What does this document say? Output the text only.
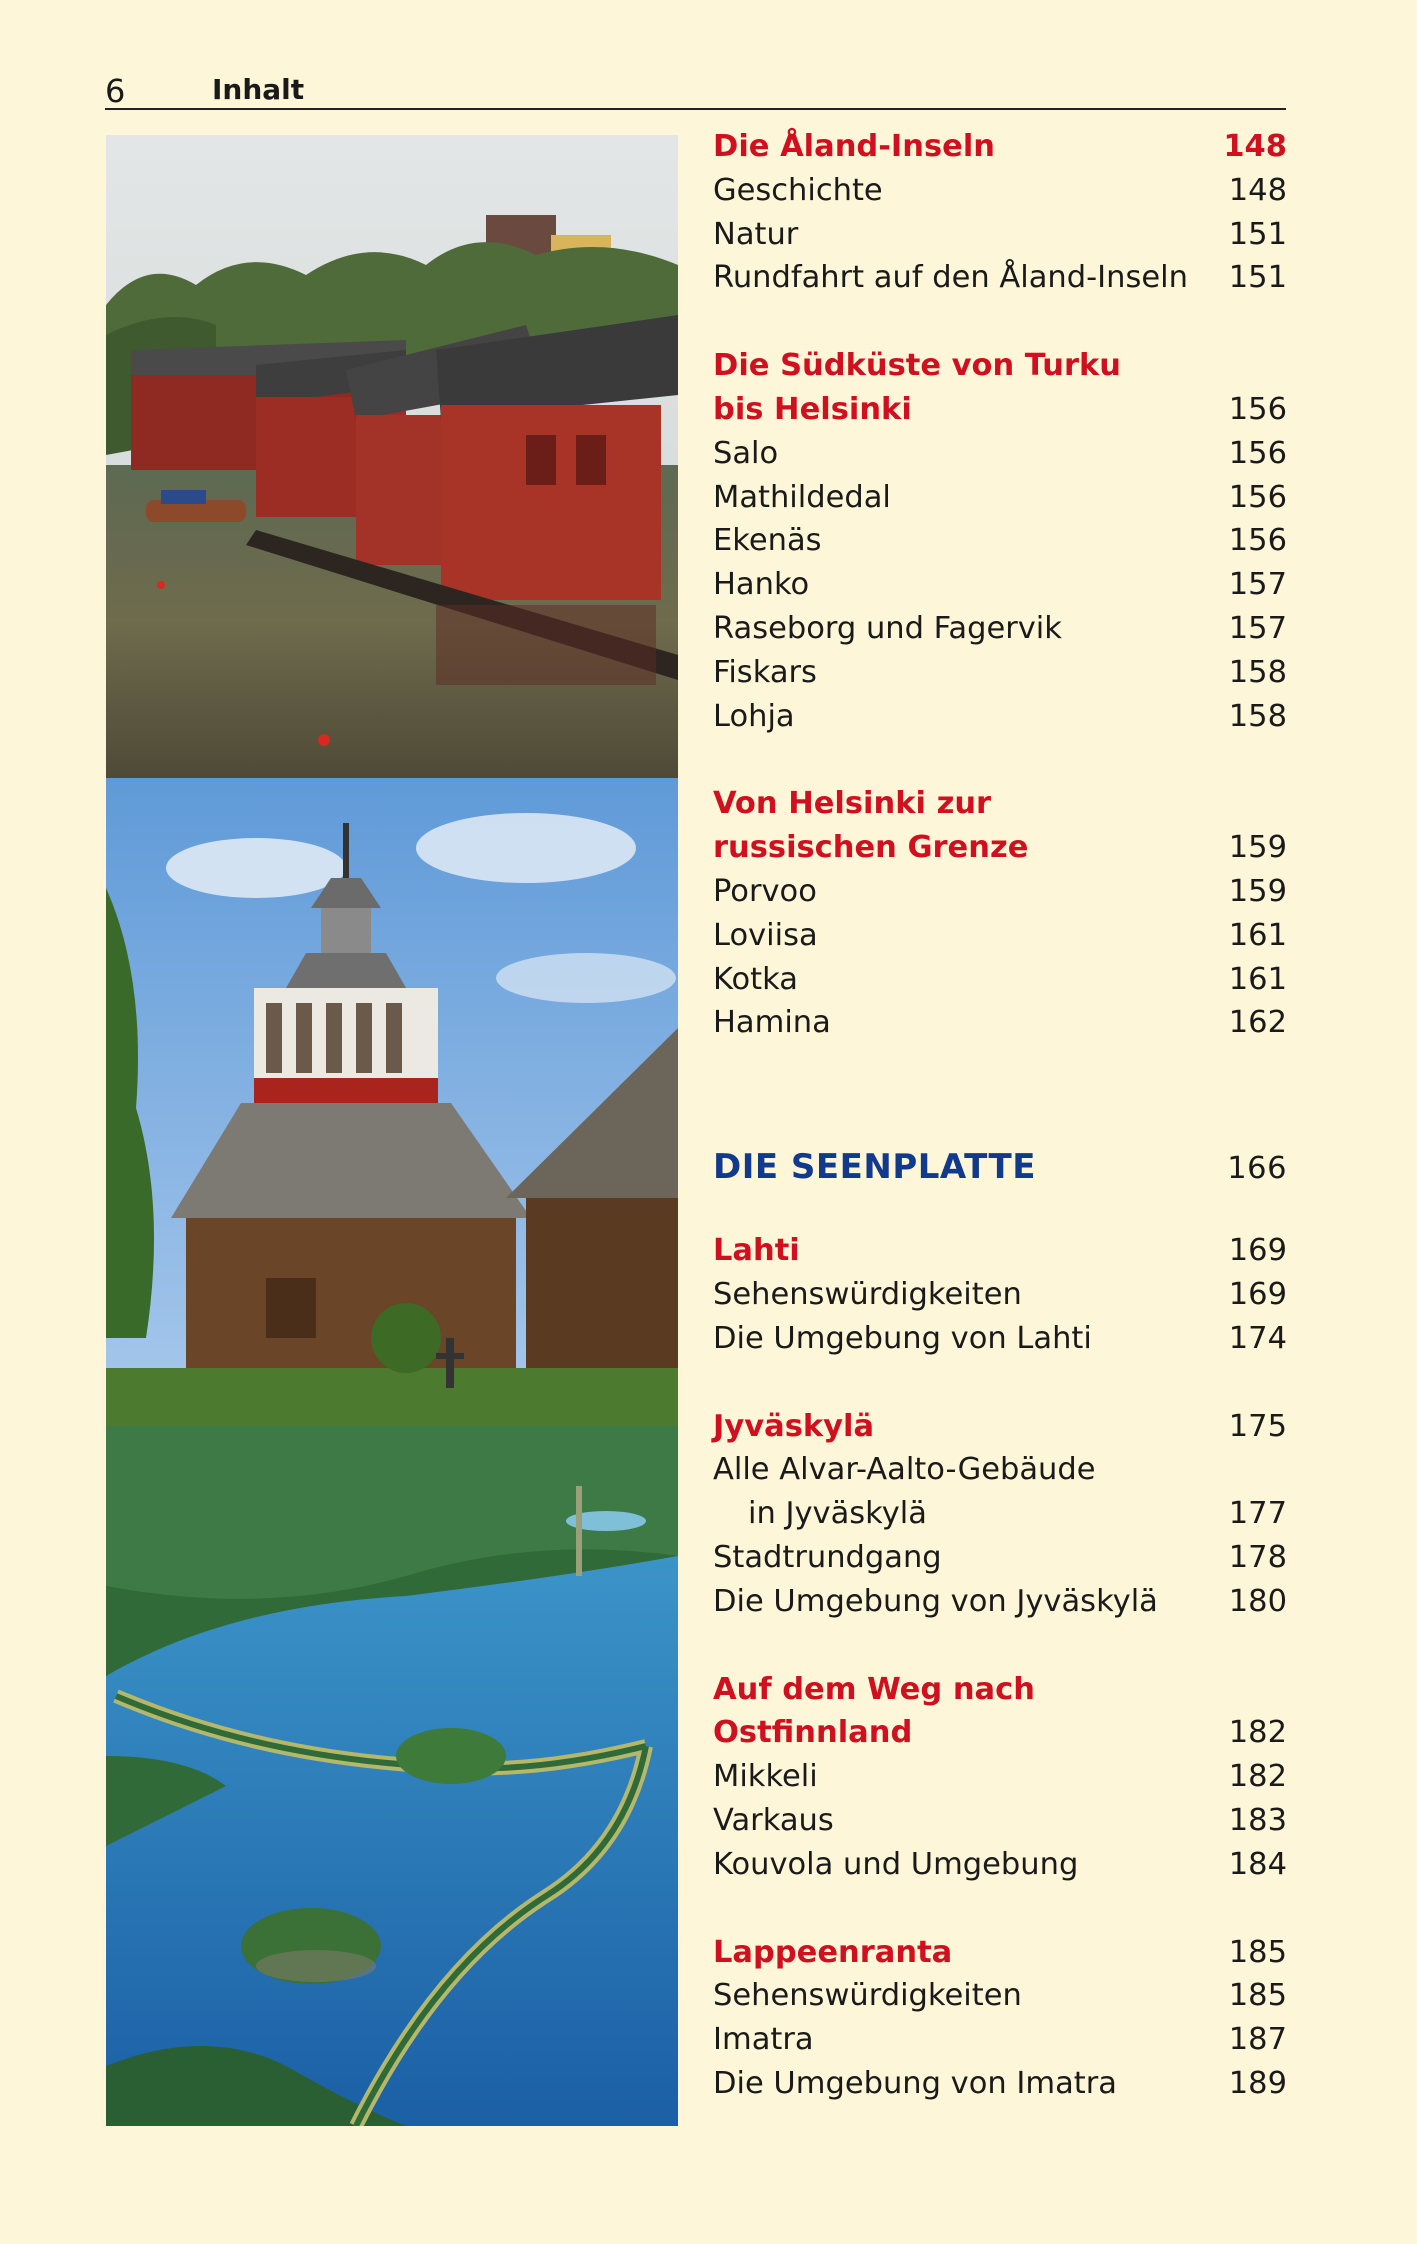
6	Inhalt
Die Åland-Inseln	148
Geschichte	148
Natur	151
Rundfahrt auf den Åland-Inseln	151
Die Südküste von Turku
bis Helsinki	156
Salo	156
Mathildedal	156
Ekenäs	156
Hanko	157
Raseborg und Fagervik	157
Fiskars	158
Lohja	158
Von Helsinki zur
russischen Grenze	159
Porvoo	159
Loviisa	161
Kotka	161
Hamina	162
DIE SEENPLATTE	166
Lahti	169
Sehenswürdigkeiten	169
Die Umgebung von Lahti	174
Jyväskylä	175
Alle Alvar-Aalto-Gebäude
in Jyväskylä	177
Stadtrundgang	178
Die Umgebung von Jyväskylä	180
Auf dem Weg nach
Ostfinnland	182
Mikkeli	182
Varkaus	183
Kouvola und Umgebung	184
Lappeenranta	185
Sehenswürdigkeiten	185
Imatra	187
Die Umgebung von Imatra	189
